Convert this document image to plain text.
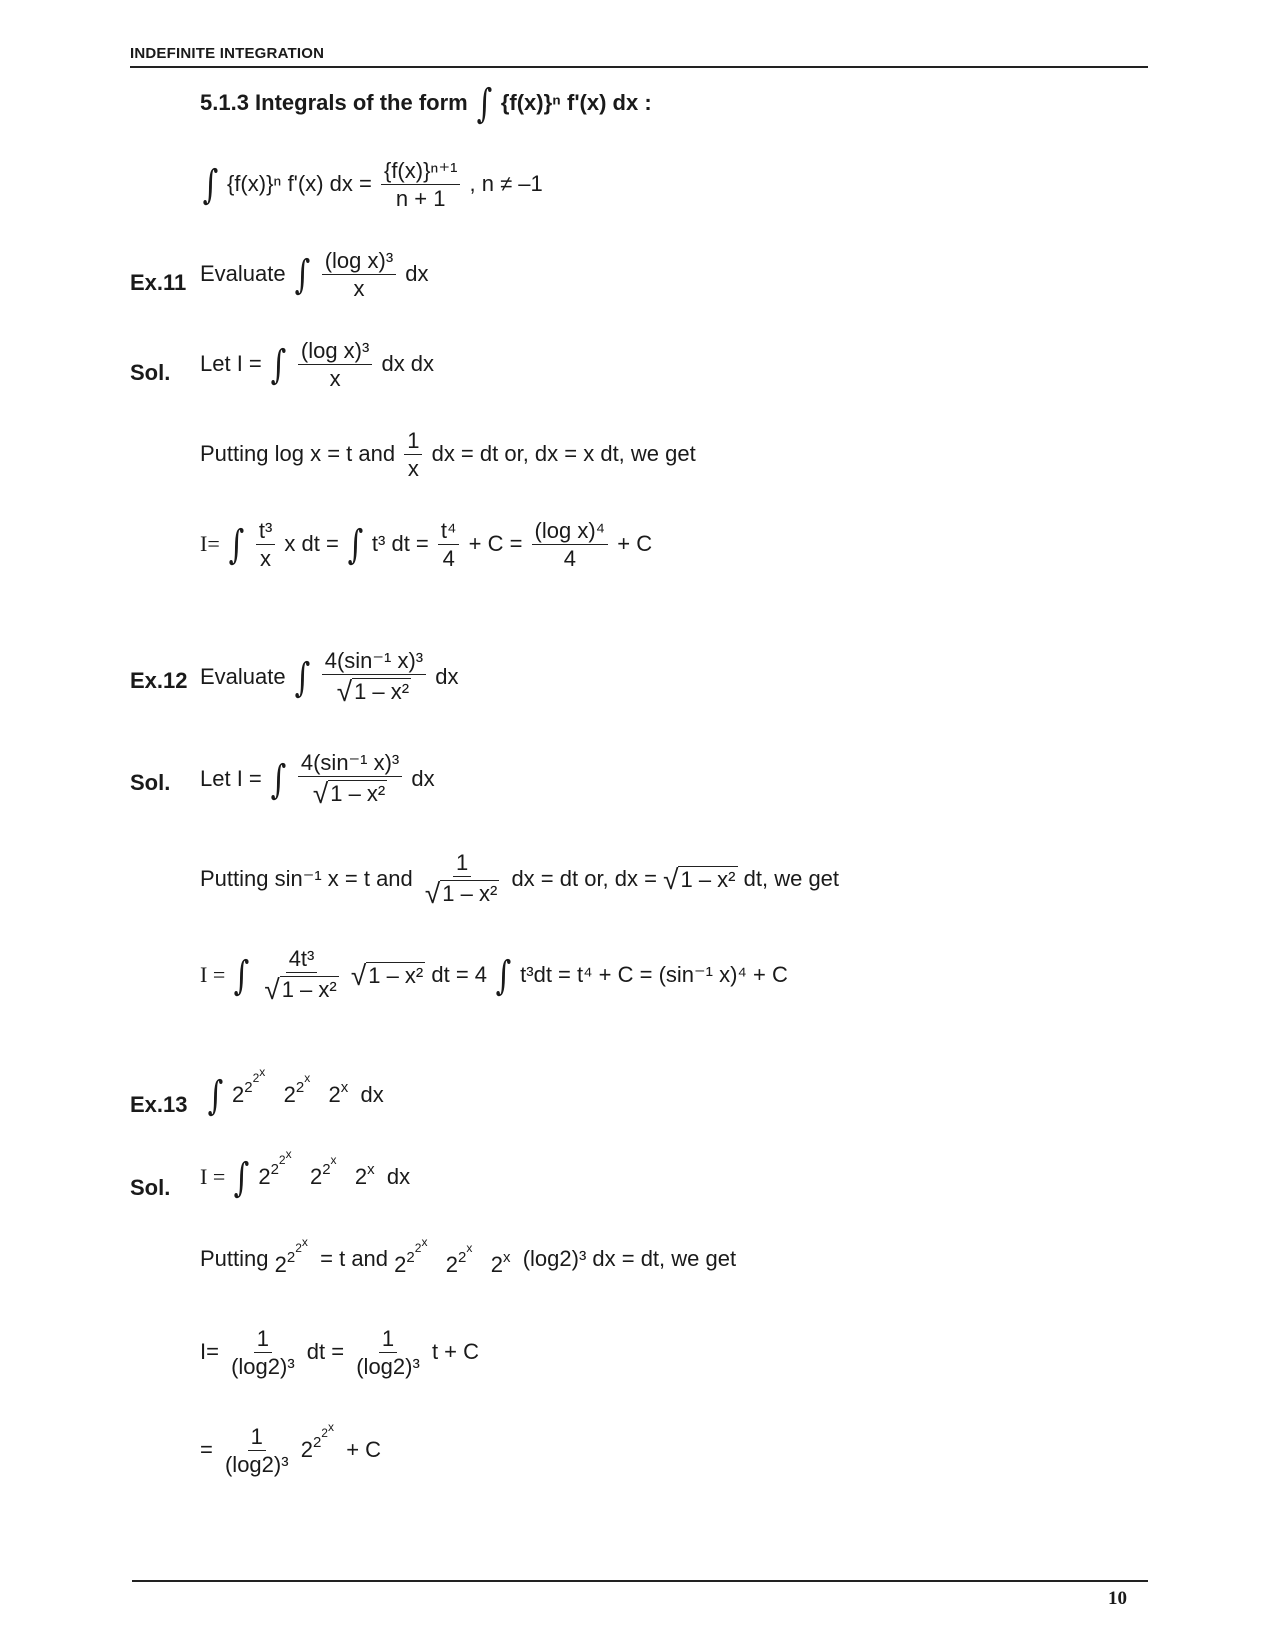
INDEFINITE INTEGRATION
5.1.3 Integrals of the form ∫ {f(x)}ⁿ f'(x) dx :
∫ {f(x)}ⁿ f'(x) dx = $\frac{\text{\{f(x)\}ⁿ⁺¹}}{n + 1}$ , n ≠ –1
Ex.11 Evaluate ∫ $\frac{\text{(log x)³}}{x}$ dx
Sol. Let I = ∫ $\frac{\text{(log x)³}}{x}$ dx dx
Putting log x = t and $\frac{1}{x}$ dx = dt or, dx = x dt, we get
I= ∫ $\frac{\text{t³}}{x}$ x dt = ∫ t³ dt = $\frac{\text{t⁴}}{4} + C = \frac{\text{(log x)⁴}}{4} + C$
Ex.12 Evaluate ∫ $\frac{\text{4(sin⁻¹ x)³}}{\text{√ 1 – x²}}$ dx
Sol. Let I = ∫ $\frac{\text{4(sin⁻¹ x)³}}{\text{√ 1 – x²}}$ dx
Putting sin⁻¹ x = t and $\frac{1}{\text{√ 1 – x²}}$ dx = dt or, dx = √ 1 – x² dt, we get
I = ∫ $\frac{\text{4t³}}{\text{√ 1 – x²}}$
√ 1 – x² dt = 4 ∫ t³dt = t⁴ + C = (sin⁻¹ x)⁴ + C
Ex.13 ∫ $2^{22x}$   $2^{2x}$   2$^x$ dx
Sol. I = ∫ $2^{22x}$   $2^{2x}$   2$^x$ dx
Putting $2^{22x} = t$ and $2^{22x}$   $2^{2x}$   2$^x$ (log2)³ dx = dt, we get
$I= \frac{1}{\text{(log2)³}}$ dt = $\frac{1}{\text{(log2)³}}$ t + C
= $\frac{1}{\text{(log2)³}} 2^{22x} + C$
10
